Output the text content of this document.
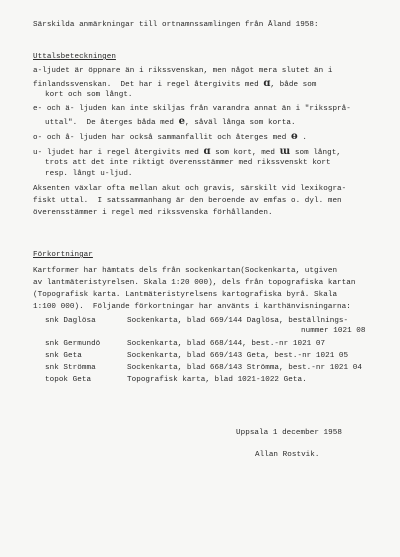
Särskilda anmärkningar till ortnamnssamlingen från Åland 1958:
Uttalsbeteckningen
a-ljudet är öppnare än i rikssvenskan, men något mera slutet än i
finlandssvenskan.  Det har i regel återgivits med ɑ, både som
kort och som långt.
e- och ä- ljuden kan inte skiljas från varandra annat än i "rikssprå-
uttal".  De återges båda med e, såväl långa som korta.
o- och å- ljuden har också sammanfallit och återges med ɵ .
u- ljudet har i regel återgivits med ɑ som kort, med ɯ som långt,
trots att det inte riktigt överensstämmer med rikssvenskt kort
resp. långt u-ljud.
Aksenten växlar ofta mellan akut och gravis, särskilt vid lexikogra-
fiskt uttal.  I satssammanhang är den beroende av emfas o. dyl. men
överensstämmer i regel med rikssvenska förhållanden.
Förkortningar
Kartformer har hämtats dels från sockenkartan(Sockenkarta, utgiven
av lantmäteristyrelsen. Skala 1:20 000), dels från topografiska kartan
(Topografisk karta. Lantmäteristyrelsens kartografiska byrå. Skala
1:100 000).  Följande förkortningar har använts i karthänvisningarna:
snk Daglösa	Sockenkarta, blad 669/144 Daglösa, beställnings-
nummer 1021 08
snk Germundö	Sockenkarta, blad 668/144, best.-nr 1021 07
snk Geta	Sockenkarta, blad 669/143 Geta, best.-nr 1021 05
snk Strömma	Sockenkarta, blad 668/143 Strömma, best.-nr 1021 04
topok Geta	Topografisk karta, blad 1021-1022 Geta.
Uppsala 1 december 1958
Allan Rostvik.
